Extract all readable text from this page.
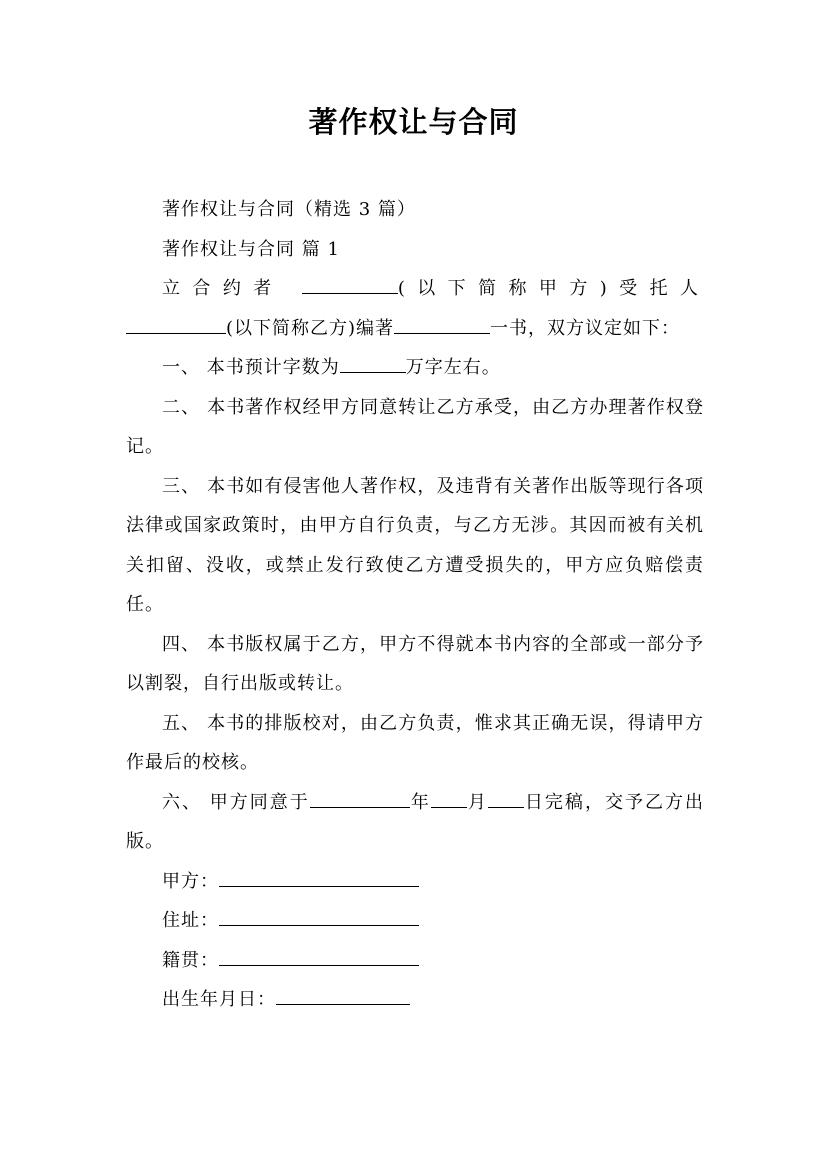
著作权让与合同

著作权让与合同（精选 3 篇）

著作权让与合同 篇 1

立合约者	(以下简称甲方)受托人(以下简称乙方)编著	一书，双方议定如下：

一、 本书预计字数为	万字左右。

二、 本书著作权经甲方同意转让乙方承受，由乙方办理著作权登记。

三、 本书如有侵害他人著作权，及违背有关著作出版等现行各项法律或国家政策时，由甲方自行负责，与乙方无涉。其因而被有关机关扣留、没收，或禁止发行致使乙方遭受损失的，甲方应负赔偿责任。

四、 本书版权属于乙方，甲方不得就本书内容的全部或一部分予以割裂，自行出版或转让。

五、 本书的排版校对，由乙方负责，惟求其正确无误，得请甲方作最后的校核。

六、 甲方同意于	年 月 日完稿，交予乙方出版。

甲方：

住址：

籍贯：

出生年月日：
